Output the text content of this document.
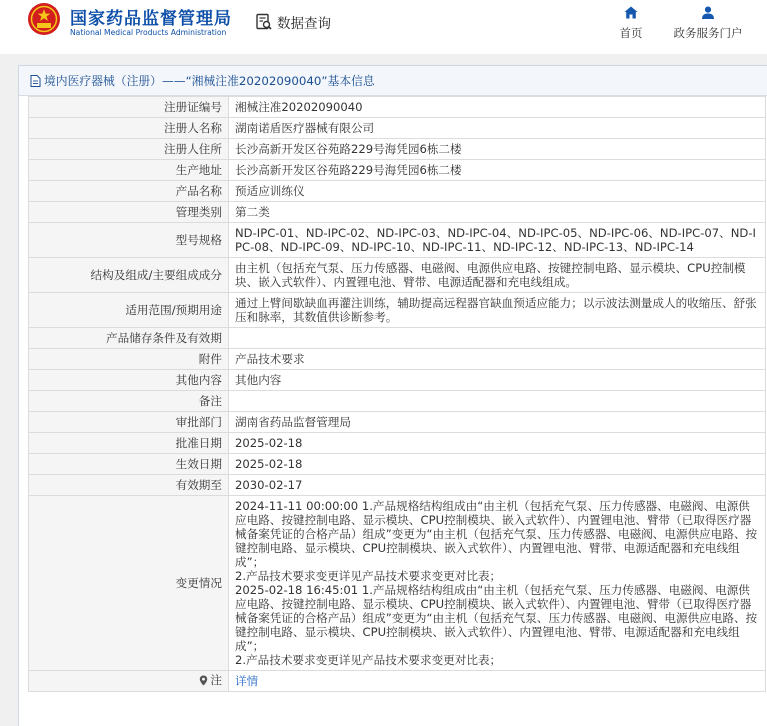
国家药品监督管理局
National Medical Products Administration
数据查询
首页	政务服务门户
境内医疗器械（注册）——“湘械注准20202090040”基本信息
注册证编号	湘械注准20202090040
注册人名称	湖南诺盾医疗器械有限公司
注册人住所	长沙高新开发区谷苑路229号海凭园6栋二楼
生产地址	长沙高新开发区谷苑路229号海凭园6栋二楼
产品名称	预适应训练仪
管理类别	第二类
型号规格	ND-IPC-01、ND-IPC-02、ND-IPC-03、ND-IPC-04、ND-IPC-05、ND-IPC-06、ND-IPC-07、ND-IPC-08、ND-IPC-09、ND-IPC-10、ND-IPC-11、ND-IPC-12、ND-IPC-13、ND-IPC-14
结构及组成/主要组成成分	由主机（包括充气泵、压力传感器、电磁阀、电源供应电路、按键控制电路、显示模块、CPU控制模块、嵌入式软件）、内置锂电池、臂带、电源适配器和充电线组成。
适用范围/预期用途	通过上臂间歇缺血再灌注训练，辅助提高远程器官缺血预适应能力；以示波法测量成人的收缩压、舒张压和脉率，其数值供诊断参考。
产品储存条件及有效期	
附件	产品技术要求
其他内容	其他内容
备注	
审批部门	湖南省药品监督管理局
批准日期	2025-02-18
生效日期	2025-02-18
有效期至	2030-02-17
变更情况	2024-11-11 00:00:00 1.产品规格结构组成由“由主机（包括充气泵、压力传感器、电磁阀、电源供应电路、按键控制电路、显示模块、CPU控制模块、嵌入式软件）、内置锂电池、臂带（已取得医疗器械备案凭证的合格产品）组成”变更为“由主机（包括充气泵、压力传感器、电磁阀、电源供应电路、按键控制电路、显示模块、CPU控制模块、嵌入式软件）、内置锂电池、臂带、电源适配器和充电线组成”；
2.产品技术要求变更详见产品技术要求变更对比表；
2025-02-18 16:45:01 1.产品规格结构组成由“由主机（包括充气泵、压力传感器、电磁阀、电源供应电路、按键控制电路、显示模块、CPU控制模块、嵌入式软件）、内置锂电池、臂带（已取得医疗器械备案凭证的合格产品）组成”变更为“由主机（包括充气泵、压力传感器、电磁阀、电源供应电路、按键控制电路、显示模块、CPU控制模块、嵌入式软件）、内置锂电池、臂带、电源适配器和充电线组成”；
2.产品技术要求变更详见产品技术要求变更对比表；

注	详情
